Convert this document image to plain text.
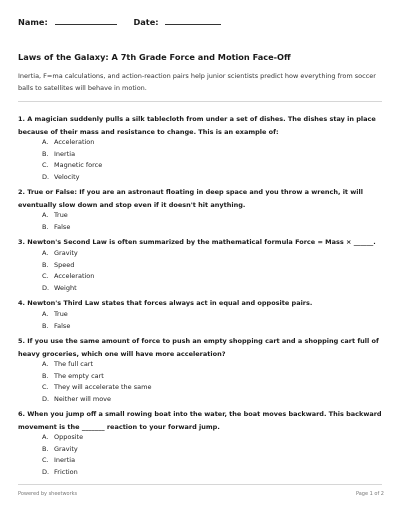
Name:	Date:
Laws of the Galaxy: A 7th Grade Force and Motion Face-Off
Inertia, F=ma calculations, and action-reaction pairs help junior scientists predict how everything from soccer balls to satellites will behave in motion.
1. A magician suddenly pulls a silk tablecloth from under a set of dishes. The dishes stay in place because of their mass and resistance to change. This is an example of:
A. Acceleration
B. Inertia
C. Magnetic force
D. Velocity
2. True or False: If you are an astronaut floating in deep space and you throw a wrench, it will eventually slow down and stop even if it doesn't hit anything.
A. True
B. False
3. Newton's Second Law is often summarized by the mathematical formula Force = Mass × ______.
A. Gravity
B. Speed
C. Acceleration
D. Weight
4. Newton's Third Law states that forces always act in equal and opposite pairs.
A. True
B. False
5. If you use the same amount of force to push an empty shopping cart and a shopping cart full of heavy groceries, which one will have more acceleration?
A. The full cart
B. The empty cart
C. They will accelerate the same
D. Neither will move
6. When you jump off a small rowing boat into the water, the boat moves backward. This backward movement is the _______ reaction to your forward jump.
A. Opposite
B. Gravity
C. Inertia
D. Friction
Powered by sheetworks	Page 1 of 2
